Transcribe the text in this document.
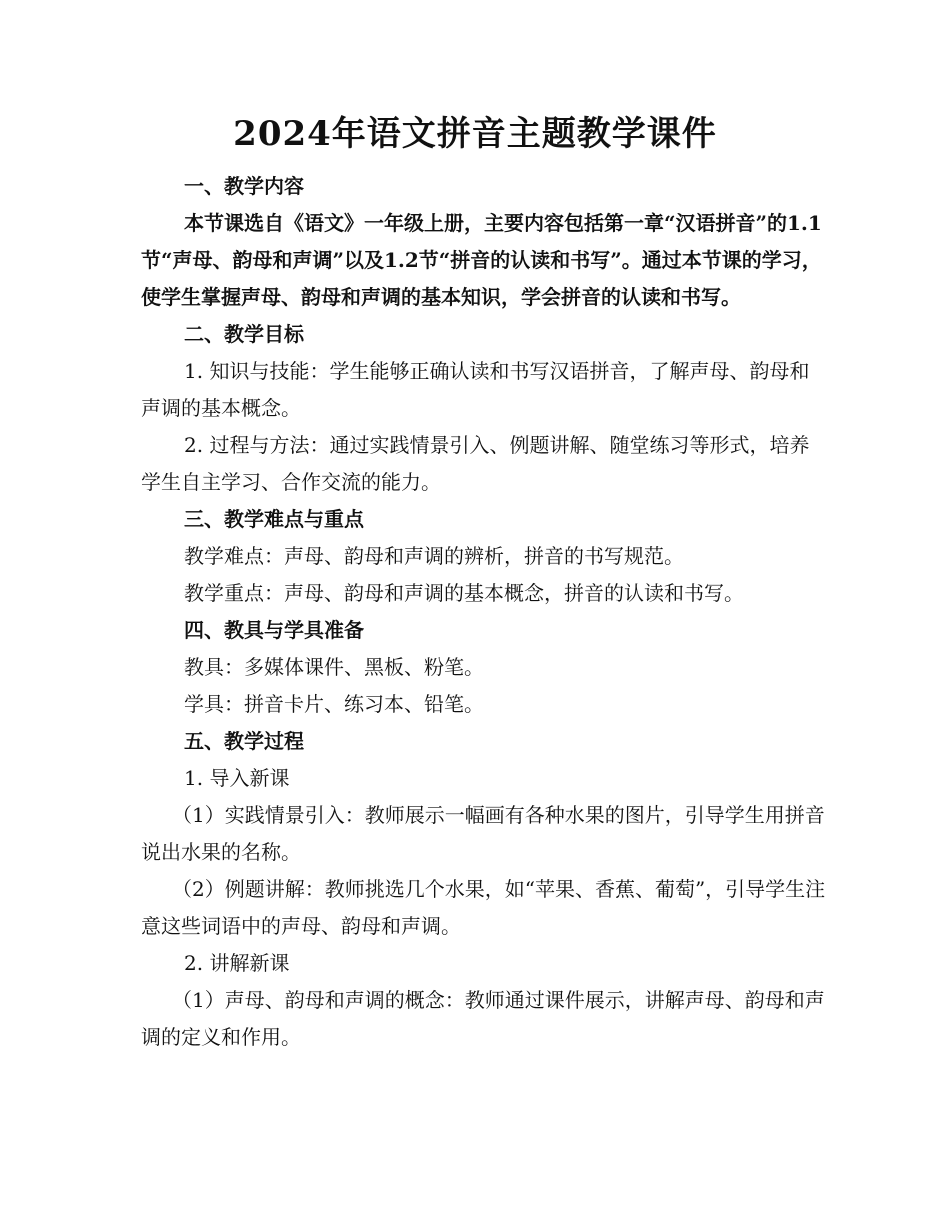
2024年语文拼音主题教学课件

一、教学内容

本节课选自《语文》一年级上册，主要内容包括第一章“汉语拼音”的1.1节“声母、韵母和声调”以及1.2节“拼音的认读和书写”。通过本节课的学习，使学生掌握声母、韵母和声调的基本知识，学会拼音的认读和书写。

二、教学目标

1. 知识与技能：学生能够正确认读和书写汉语拼音，了解声母、韵母和声调的基本概念。

2. 过程与方法：通过实践情景引入、例题讲解、随堂练习等形式，培养学生自主学习、合作交流的能力。

三、教学难点与重点

教学难点：声母、韵母和声调的辨析，拼音的书写规范。

教学重点：声母、韵母和声调的基本概念，拼音的认读和书写。

四、教具与学具准备

教具：多媒体课件、黑板、粉笔。

学具：拼音卡片、练习本、铅笔。

五、教学过程

1. 导入新课

（1）实践情景引入：教师展示一幅画有各种水果的图片，引导学生用拼音说出水果的名称。

（2）例题讲解：教师挑选几个水果，如“苹果、香蕉、葡萄”，引导学生注意这些词语中的声母、韵母和声调。

2. 讲解新课

（1）声母、韵母和声调的概念：教师通过课件展示，讲解声母、韵母和声调的定义和作用。
